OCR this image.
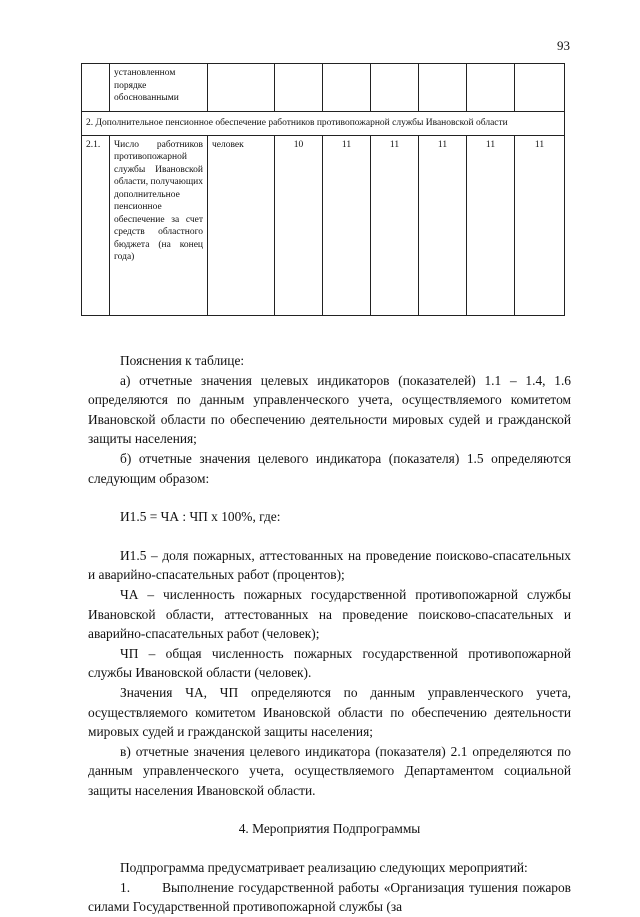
93
	установленном порядке обоснованными							
2. Дополнительное пенсионное обеспечение работников противопожарной службы Ивановской области								
2.1.	Число работников противопожарной службы Ивановской области, получающих дополнительное пенсионное обеспечение за счет средств областного бюджета (на конец года)	человек	10	11	11	11	11	11

Пояснения к таблице:

а) отчетные значения целевых индикаторов (показателей) 1.1 – 1.4, 1.6 определяются по данным управленческого учета, осуществляемого комитетом Ивановской области по обеспечению деятельности мировых судей и гражданской защиты населения;

б) отчетные значения целевого индикатора (показателя) 1.5 определяются следующим образом:

И1.5 = ЧА : ЧП х 100%, где:

И1.5 – доля пожарных, аттестованных на проведение поисково-спасательных и аварийно-спасательных работ (процентов);

ЧА – численность пожарных государственной противопожарной службы Ивановской области, аттестованных на проведение поисково-спасательных и аварийно-спасательных работ (человек);

ЧП – общая численность пожарных государственной противопожарной службы Ивановской области (человек).

Значения ЧА, ЧП определяются по данным управленческого учета, осуществляемого комитетом Ивановской области по обеспечению деятельности мировых судей и гражданской защиты населения;

в) отчетные значения целевого индикатора (показателя) 2.1 определяются по данным управленческого учета, осуществляемого Департаментом социальной защиты населения Ивановской области.

4. Мероприятия Подпрограммы

Подпрограмма предусматривает реализацию следующих мероприятий:

1. Выполнение государственной работы «Организация тушения пожаров силами Государственной противопожарной службы (за
